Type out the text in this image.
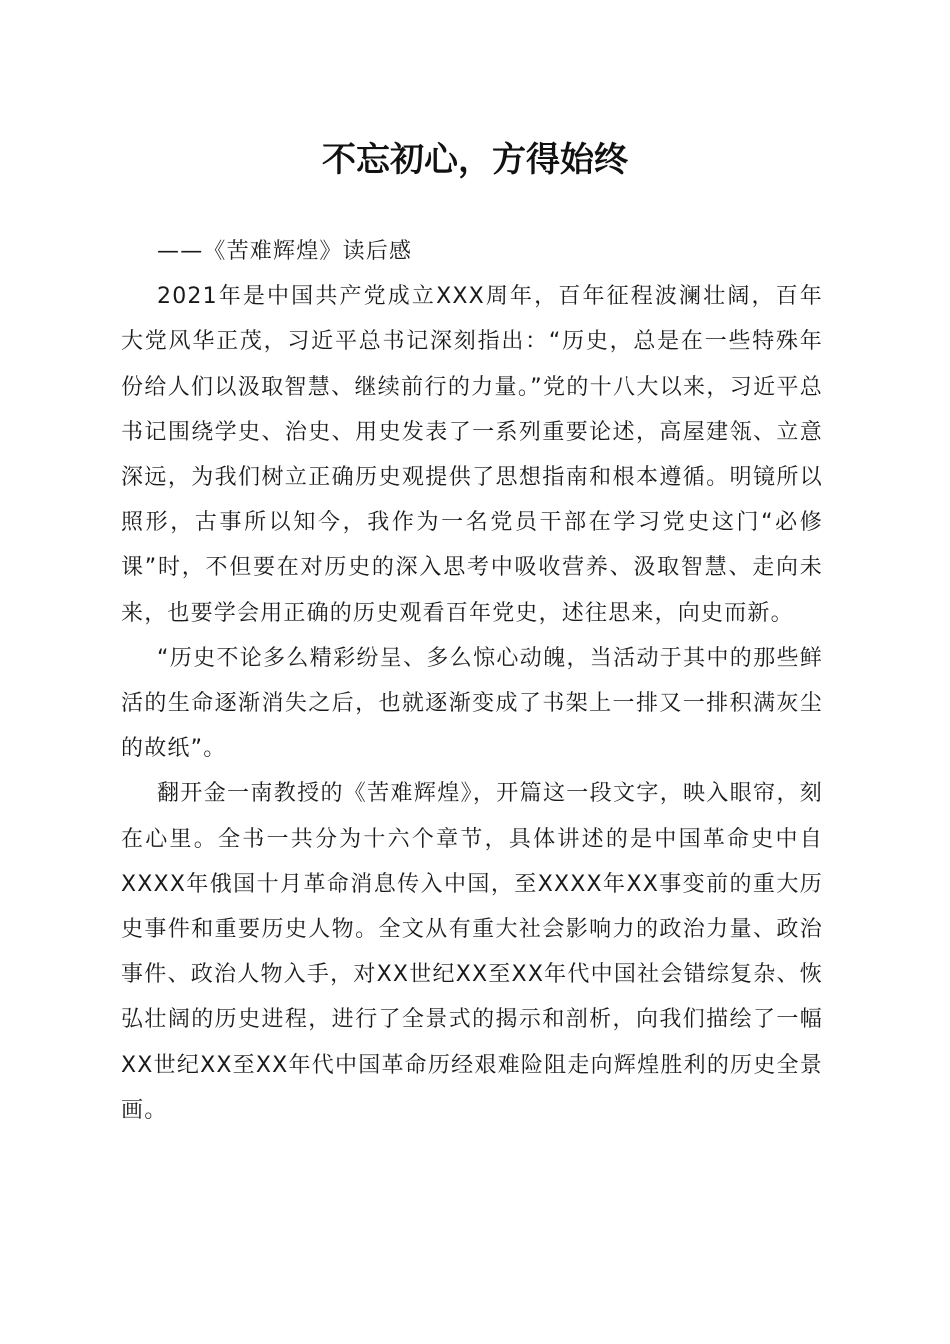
不忘初心，方得始终

——《苦难辉煌》读后感

2021年是中国共产党成立XXX周年，百年征程波澜壮阔，百年大党风华正茂，习近平总书记深刻指出：“历史，总是在一些特殊年份给人们以汲取智慧、继续前行的力量。”党的十八大以来，习近平总书记围绕学史、治史、用史发表了一系列重要论述，高屋建瓴、立意深远，为我们树立正确历史观提供了思想指南和根本遵循。明镜所以照形，古事所以知今，我作为一名党员干部在学习党史这门“必修课”时，不但要在对历史的深入思考中吸收营养、汲取智慧、走向未来，也要学会用正确的历史观看百年党史，述往思来，向史而新。

“历史不论多么精彩纷呈、多么惊心动魄，当活动于其中的那些鲜活的生命逐渐消失之后，也就逐渐变成了书架上一排又一排积满灰尘的故纸”。

翻开金一南教授的《苦难辉煌》，开篇这一段文字，映入眼帘，刻在心里。全书一共分为十六个章节，具体讲述的是中国革命史中自XXXX年俄国十月革命消息传入中国，至XXXX年XX事变前的重大历史事件和重要历史人物。全文从有重大社会影响力的政治力量、政治事件、政治人物入手，对XX世纪XX至XX年代中国社会错综复杂、恢弘壮阔的历史进程，进行了全景式的揭示和剖析，向我们描绘了一幅XX世纪XX至XX年代中国革命历经艰难险阻走向辉煌胜利的历史全景画。
